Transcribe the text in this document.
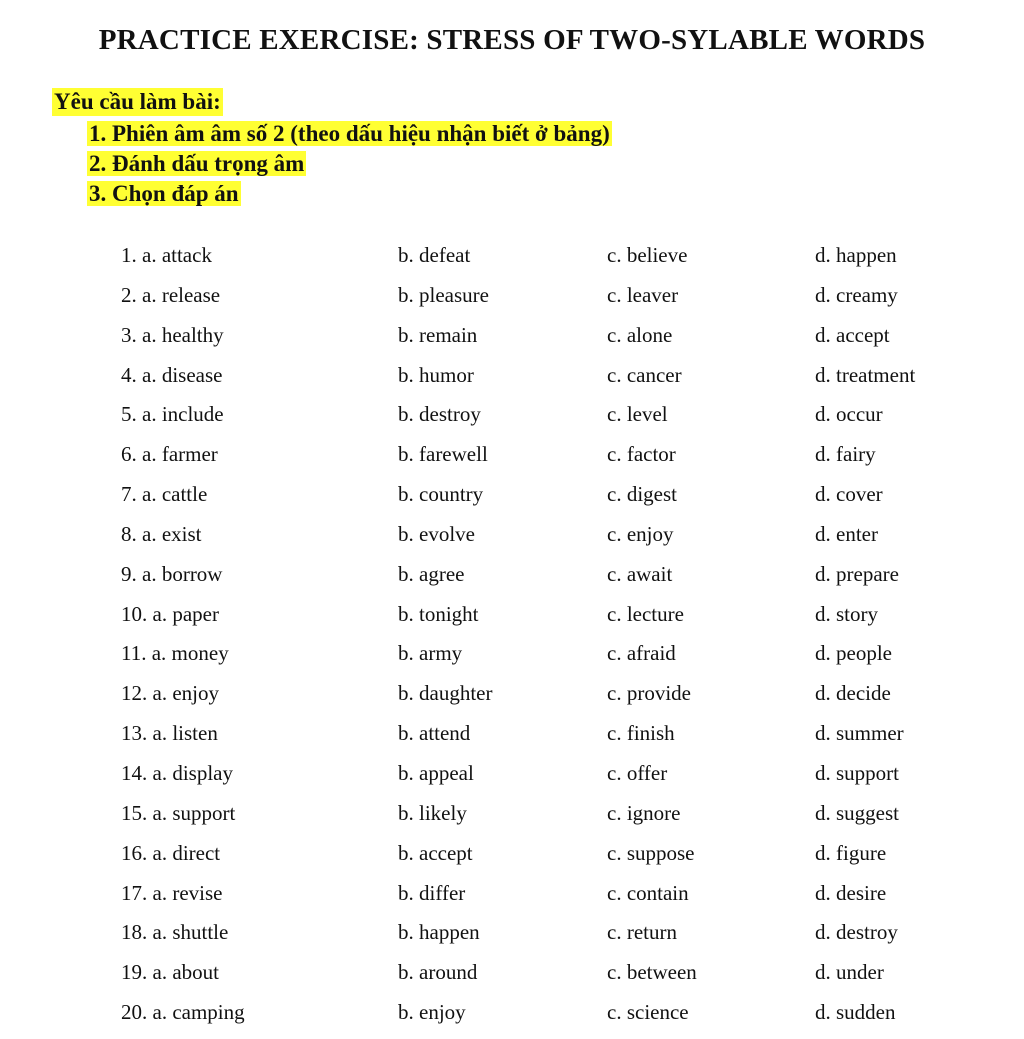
PRACTICE EXERCISE: STRESS OF TWO-SYLABLE WORDS
Yêu cầu làm bài:
1. Phiên âm âm số 2 (theo dấu hiệu nhận biết ở bảng)
2. Đánh dấu trọng âm
3. Chọn đáp án
1. a. attack	b. defeat	c. believe	d. happen
2. a. release	b. pleasure	c. leaver	d. creamy
3. a. healthy	b. remain	c. alone	d. accept
4. a. disease	b. humor	c. cancer	d. treatment
5. a. include	b. destroy	c. level	d. occur
6. a. farmer	b. farewell	c. factor	d. fairy
7. a. cattle	b. country	c. digest	d. cover
8. a. exist	b. evolve	c. enjoy	d. enter
9. a. borrow	b. agree	c. await	d. prepare
10. a. paper	b. tonight	c. lecture	d. story
11. a. money	b. army	c. afraid	d. people
12. a. enjoy	b. daughter	c. provide	d. decide
13. a. listen	b. attend	c. finish	d. summer
14. a. display	b. appeal	c. offer	d. support
15. a. support	b. likely	c. ignore	d. suggest
16. a. direct	b. accept	c. suppose	d. figure
17. a. revise	b. differ	c. contain	d. desire
18. a. shuttle	b. happen	c. return	d. destroy
19. a. about	b. around	c. between	d. under
20. a. camping	b. enjoy	c. science	d. sudden
